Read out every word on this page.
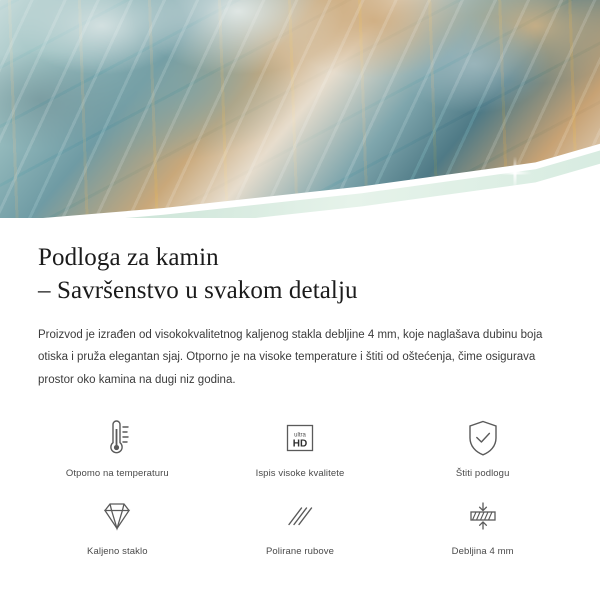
Podloga za kamin
– Savršenstvo u svakom detalju

Proizvod je izrađen od visokokvalitetnog kaljenog stakla debljine 4 mm, koje naglašava dubinu boja otiska i pruža elegantan sjaj. Otporno je na visoke temperature i štiti od oštećenja, čime osigurava prostor oko kamina na dugi niz godina.

Otpomo na temperaturu
ultra
HD
Ispis visoke kvalitete	Štiti podlogu
Kaljeno staklo	Polirane rubove	Debljina 4 mm
